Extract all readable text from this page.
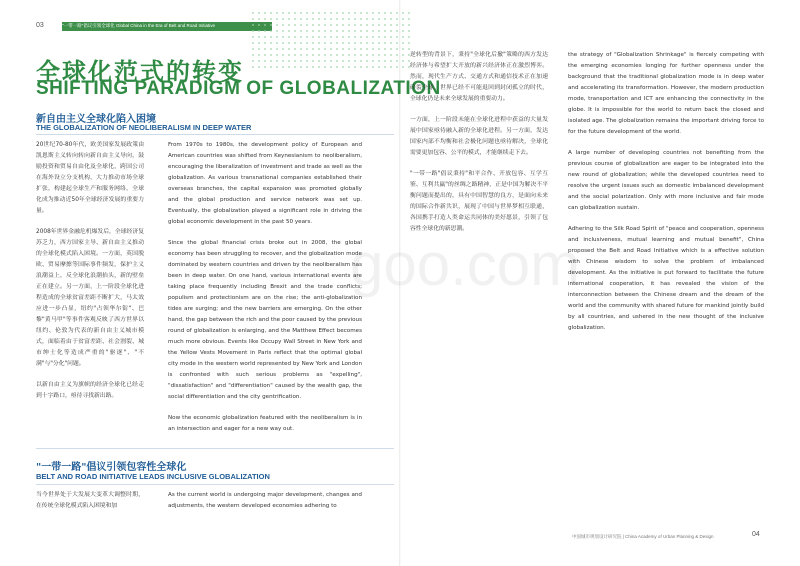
03	"一带一路"倡议引领全球化 Global China in the Era of Belt and Road Initiative
全球化范式的转变
SHIFTING PARADIGM OF GLOBALIZATION
新自由主义全球化陷入困境
THE GLOBALIZATION OF NEOLIBERALISM IN DEEP WATER

20世纪70-80年代，欧美国家发展政策由凯恩斯主义转向转向新自由主义导向，鼓励投资和贸易自由化及全球化，跨国公司在海外设立分支机构，大力推动市场全球扩张，构建起全球生产和服务网络，全球化成为推动近50年全球经济发展的重要力量。

2008年世界金融危机爆发后，全球经济复苏乏力，西方国家主导、新自由主义推动的全球化模式陷入困境。一方面，英国脱欧、贸易摩擦等国际事件频发，保护主义浪潮益上，反全球化浪潮抬头，新的壁垒正在建立。另一方面，上一阶段全球化进程造成的全球贫富差距不断扩大，马太效应进一步凸显，纽约"占领华尔街"、巴黎"黄马甲"等事件客观反映了西方世界以纽约、伦敦为代表的新自由主义城市模式，面临着由于贫富差距、社会割裂、城市绅士化等造成严重的"驱逐"、"不满"与"分化"问题。

以新自由主义为旗帜的经济全球化已经走到十字路口，亟待寻找新出路。

From 1970s to 1980s, the development policy of European and American countries was shifted from Keynesianism to neoliberalism, encouraging the liberalization of investment and trade as well as the globalization. As various transnational companies established their overseas branches, the capital expansion was promoted globally and the global production and service network was set up. Eventually, the globalization played a significant role in driving the global economic development in the past 50 years.

Since the global financial crisis broke out in 2008, the global economy has been struggling to recover, and the globalization mode dominated by western countries and driven by the neoliberalism has been in deep water. On one hand, various international events are taking place frequently including Brexit and the trade conflicts; populism and protectionism are on the rise; the anti-globalization tides are surging; and the new barriers are emerging. On the other hand, the gap between the rich and the poor caused by the previous round of globalization is enlarging, and the Matthew Effect becomes much more obvious. Events like Occupy Wall Street in New York and the Yellow Vests Movement in Paris reflect that the optimal global city mode in the western world represented by New York and London is confronted with such serious problems as "expelling", "dissatisfaction" and "differentiation" caused by the wealth gap, the social differentiation and the city gentrification.

Now the economic globalization featured with the neoliberalism is in an intersection and eager for a new way out.

"一带一路"倡议引领包容性全球化
BELT AND ROAD INITIATIVE LEADS INCLUSIVE GLOBALIZATION

当今世界处于大发展大变革大调整时期，在传统全球化模式陷入困境和加

As the current world is undergoing major development, changes and adjustments, the western developed economies adhering to

逆转型的背景下，秉持"全球化后撤"策略的西方发达经济体与希望扩大开放的新兴经济体正在激烈博弈。然而，现代生产方式、交通方式和通信技术正在加速碎裂全球，世界已经不可能退回到封闭孤立的时代，全球化仍是未来全球发展的重要动力。

一方面，上一阶段未能在全球化进程中获益的大量发展中国家亟待融入新的全球化进程。另一方面，发达国家内部不均衡和社会极化问题也亟待解决，全球化需要更加包容、公平的模式，才能继续走下去。

"一带一路"倡议秉持"和平合作、开放包容、互学互鉴、互利共赢"的丝绸之路精神，正是中国为解决不平衡问题而提出的，具有中国智慧的良方，是面向未来的国际合作新共识，展现了中国与世界梦相互联通，各国携手打造人类命运共同体的美好愿景，引领了包容性全球化的新思潮。

the strategy of "Globalization Shrinkage" is fiercely competing with the emerging economies longing for further openness under the background that the traditional globalization mode is in deep water and accelerating its transformation. However, the modern production mode, transportation and ICT are enhancing the connectivity in the globe. It is impossible for the world to return back the closed and isolated age. The globalization remains the important driving force to for the future development of the world.

A large number of developing countries not benefiting from the previous course of globalization are eager to be integrated into the new round of globalization; while the developed countries need to resolve the urgent issues such as domestic imbalanced development and the social polarization. Only with more inclusive and fair mode can globalization sustain.

Adhering to the Silk Road Spirit of "peace and cooperation, openness and inclusiveness, mutual learning and mutual benefit", China proposed the Belt and Road Initiative which is a effective solution with Chinese wisdom to solve the problem of imbalanced development. As the initiative is put forward to facilitate the future international cooperation, it has revealed the vision of the interconnection between the Chinese dream and the dream of the world and the community with shared future for mankind jointly build by all countries, and ushered in the new thought of the inclusive globalization.

goo.com
中国城市规划设计研究院 | China Academy of Urban Planning & Design	04
